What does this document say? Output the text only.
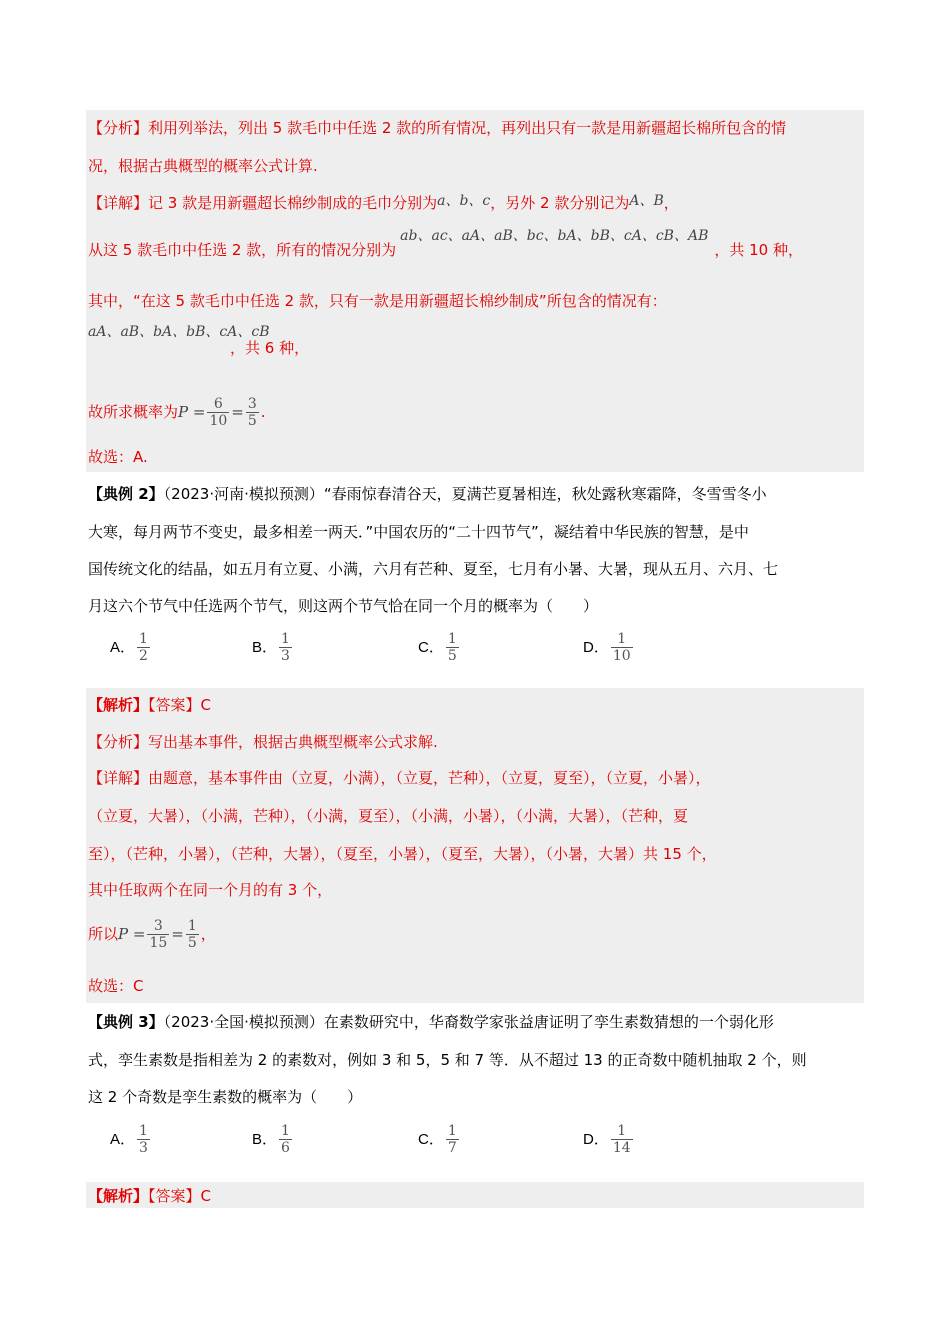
【分析】利用列举法，列出 5 款毛巾中任选 2 款的所有情况，再列出只有一款是用新疆超长棉所包含的情
况，根据古典概型的概率公式计算.
【详解】记 3 款是用新疆超长棉纱制成的毛巾分别为a、b、c，另外 2 款分别记为A、B，
从这 5 款毛巾中任选 2 款，所有的情况分别为ab、ac、aA、aB、bc、bA、bB、cA、cB、AB，共 10 种，
其中，“在这 5 款毛巾中任选 2 款，只有一款是用新疆超长棉纱制成”所包含的情况有：
aA、aB、bA、bB、cA、cB
，共 6 种，
故所求概率为$P = \frac{6}{10} = \frac{3}{5}$ .
故选：A.
【典例 2】（2023·河南·模拟预测）“春雨惊春清谷天，夏满芒夏暑相连，秋处露秋寒霜降，冬雪雪冬小
大寒，每月两节不变史，最多相差一两天．”中国农历的“二十四节气”，凝结着中华民族的智慧，是中
国传统文化的结晶，如五月有立夏、小满，六月有芒种、夏至，七月有小暑、大暑，现从五月、六月、七
月这六个节气中任选两个节气，则这两个节气恰在同一个月的概率为（　　）
A． $\frac{1}{2}$	B． $\frac{1}{3}$	C． $\frac{1}{5}$	D． $\frac{1}{10}$
【解析】【答案】C
【分析】写出基本事件，根据古典概型概率公式求解.
【详解】由题意，基本事件由（立夏，小满），（立夏，芒种），（立夏，夏至），（立夏，小暑），
（立夏，大暑），（小满，芒种），（小满，夏至），（小满，小暑），（小满，大暑），（芒种，夏
至），（芒种，小暑），（芒种，大暑），（夏至，小暑），（夏至，大暑），（小暑，大暑）共 15 个，
其中任取两个在同一个月的有 3 个，
所以$P = \frac{3}{15} = \frac{1}{5}$ ，
故选：C
【典例 3】（2023·全国·模拟预测）在素数研究中，华裔数学家张益唐证明了孪生素数猜想的一个弱化形
式，孪生素数是指相差为 2 的素数对，例如 3 和 5，5 和 7 等．从不超过 13 的正奇数中随机抽取 2 个，则
这 2 个奇数是孪生素数的概率为（　　）
A． $\frac{1}{3}$	B． $\frac{1}{6}$	C． $\frac{1}{7}$	D． $\frac{1}{14}$
【解析】【答案】C
